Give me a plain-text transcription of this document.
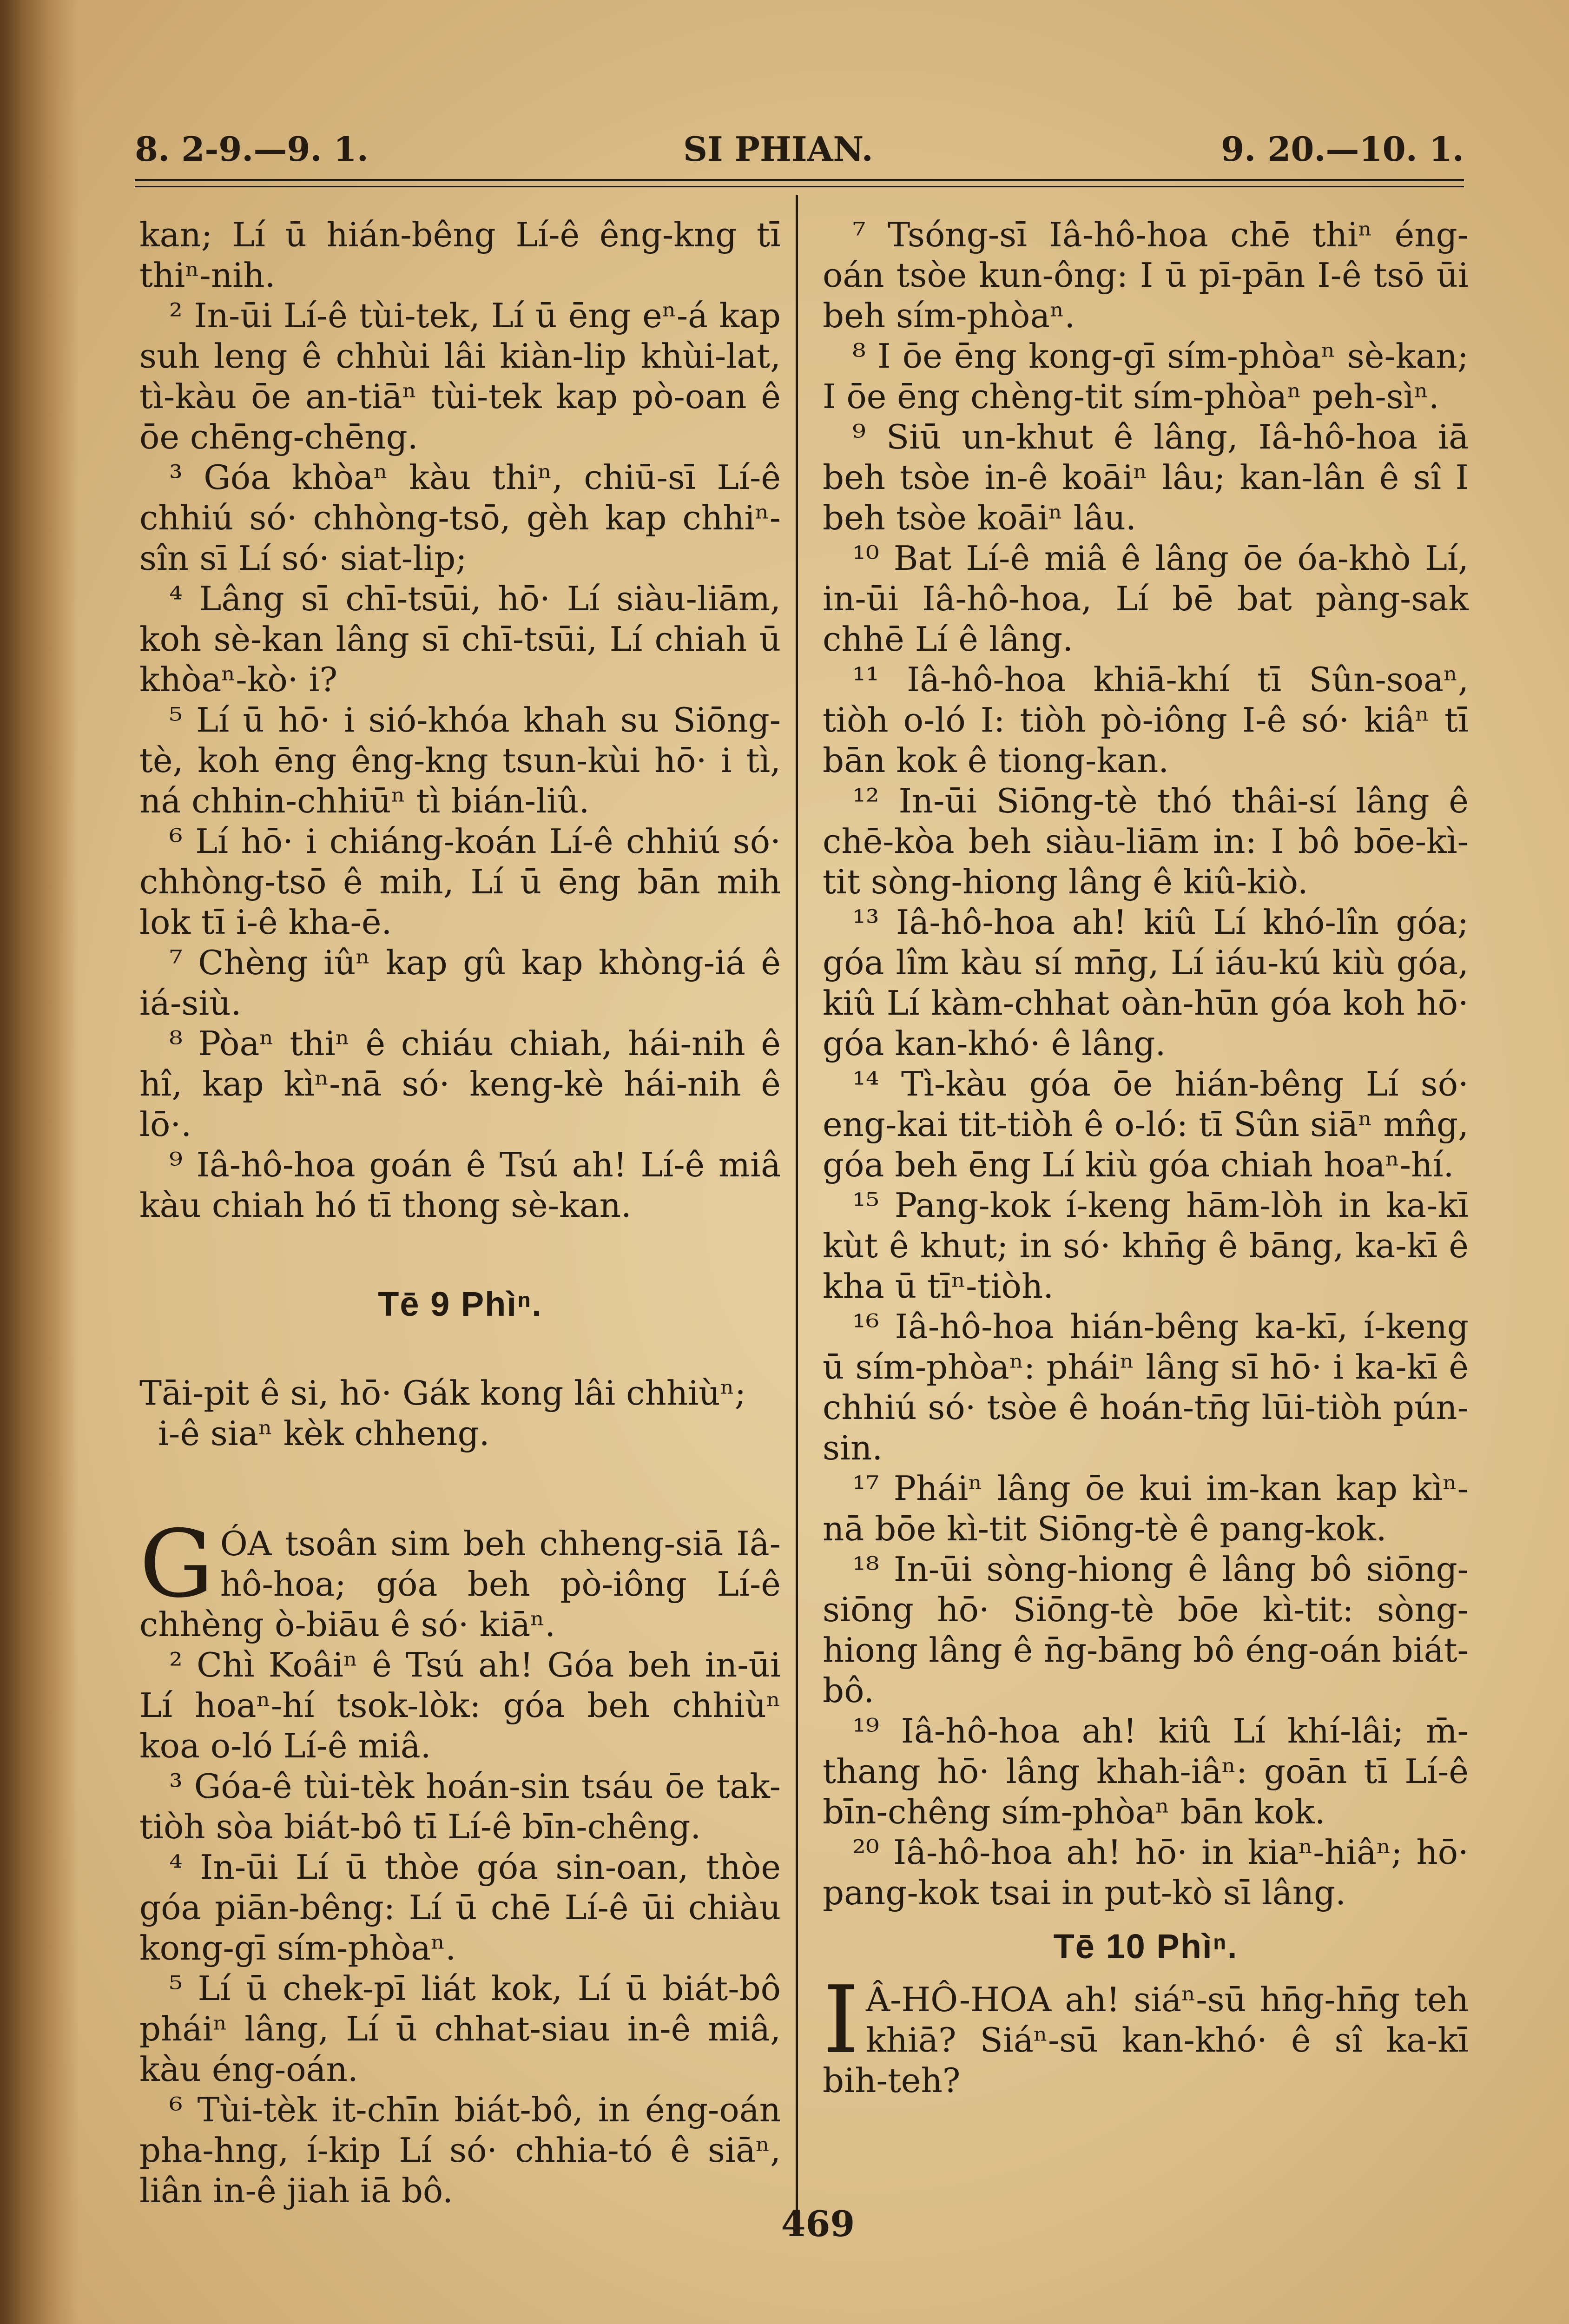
8. 2-9.—9. 1.	SI PHIAN.	9. 20.—10. 1.

kan; Lí ū hián-bêng Lí-ê êng-kng tī thiⁿ-nih.

² In-ūi Lí-ê tùi-tek, Lí ū ēng eⁿ-á kap suh leng ê chhùi lâi kiàn-lip khùi-lat, tì-kàu ōe an-tiāⁿ tùi-tek kap pò-oan ê ōe chēng-chēng.

³ Góa khòaⁿ kàu thiⁿ, chiū-sī Lí-ê chhiú só· chhòng-tsō, gèh kap chhiⁿ-sîn sī Lí só· siat-lip;

⁴ Lâng sī chī-tsūi, hō· Lí siàu-liām, koh sè-kan lâng sī chī-tsūi, Lí chiah ū khòaⁿ-kò· i?

⁵ Lí ū hō· i sió-khóa khah su Siōng-tè, koh ēng êng-kng tsun-kùi hō· i tì, ná chhin-chhiūⁿ tì bián-liû.

⁶ Lí hō· i chiáng-koán Lí-ê chhiú só· chhòng-tsō ê mih, Lí ū ēng bān mih lok tī i-ê kha-ē.

⁷ Chèng iûⁿ kap gû kap khòng-iá ê iá-siù.

⁸ Pòaⁿ thiⁿ ê chiáu chiah, hái-nih ê hî, kap kìⁿ-nā só· keng-kè hái-nih ê lō·.

⁹ Iâ-hô-hoa goán ê Tsú ah! Lí-ê miâ kàu chiah hó tī thong sè-kan.

Tē 9 Phìⁿ.

Tāi-pit ê si, hō· Gák kong lâi chhiùⁿ;

i-ê siaⁿ kèk chheng.

G ÓA tsoân sim beh chheng-siā Iâ-hô-hoa; góa beh pò-iông Lí-ê chhèng ò-biāu ê só· kiāⁿ.

² Chì Koâiⁿ ê Tsú ah! Góa beh in-ūi Lí hoaⁿ-hí tsok-lòk: góa beh chhiùⁿ koa o-ló Lí-ê miâ.

³ Góa-ê tùi-tèk hoán-sin tsáu ōe tak-tiòh sòa biát-bô tī Lí-ê bīn-chêng.

⁴ In-ūi Lí ū thòe góa sin-oan, thòe góa piān-bêng: Lí ū chē Lí-ê ūi chiàu kong-gī sím-phòaⁿ.

⁵ Lí ū chek-pī liát kok, Lí ū biát-bô pháiⁿ lâng, Lí ū chhat-siau in-ê miâ, kàu éng-oán.

⁶ Tùi-tèk it-chīn biát-bô, in éng-oán pha-hng, í-kip Lí só· chhia-tó ê siāⁿ, liân in-ê jiah iā bô.

⁷ Tsóng-sī Iâ-hô-hoa chē thiⁿ éng-oán tsòe kun-ông: I ū pī-pān I-ê tsō ūi beh sím-phòaⁿ.

⁸ I ōe ēng kong-gī sím-phòaⁿ sè-kan; I ōe ēng chèng-tit sím-phòaⁿ peh-sìⁿ.

⁹ Siū un-khut ê lâng, Iâ-hô-hoa iā beh tsòe in-ê koāiⁿ lâu; kan-lân ê sî I beh tsòe koāiⁿ lâu.

¹⁰ Bat Lí-ê miâ ê lâng ōe óa-khò Lí, in-ūi Iâ-hô-hoa, Lí bē bat pàng-sak chhē Lí ê lâng.

¹¹ Iâ-hô-hoa khiā-khí tī Sûn-soaⁿ, tiòh o-ló I: tiòh pò-iông I-ê só· kiâⁿ tī bān kok ê tiong-kan.

¹² In-ūi Siōng-tè thó thâi-sí lâng ê chē-kòa beh siàu-liām in: I bô bōe-kì-tit sòng-hiong lâng ê kiû-kiò.

¹³ Iâ-hô-hoa ah! kiû Lí khó-lîn góa; góa lîm kàu sí mn̄g, Lí iáu-kú kiù góa, kiû Lí kàm-chhat oàn-hūn góa koh hō· góa kan-khó· ê lâng.

¹⁴ Tì-kàu góa ōe hián-bêng Lí só· eng-kai tit-tiòh ê o-ló: tī Sûn siāⁿ mn̂g, góa beh ēng Lí kiù góa chiah hoaⁿ-hí.

¹⁵ Pang-kok í-keng hām-lòh in ka-kī kùt ê khut; in só· khn̄g ê bāng, ka-kī ê kha ū tīⁿ-tiòh.

¹⁶ Iâ-hô-hoa hián-bêng ka-kī, í-keng ū sím-phòaⁿ: pháiⁿ lâng sī hō· i ka-kī ê chhiú só· tsòe ê hoán-tn̄g lūi-tiòh pún-sin.

¹⁷ Pháiⁿ lâng ōe kui im-kan kap kìⁿ-nā bōe kì-tit Siōng-tè ê pang-kok.

¹⁸ In-ūi sòng-hiong ê lâng bô siōng-siōng hō· Siōng-tè bōe kì-tit: sòng-hiong lâng ê n̄g-bāng bô éng-oán biát-bô.

¹⁹ Iâ-hô-hoa ah! kiû Lí khí-lâi; m̄-thang hō· lâng khah-iâⁿ: goān tī Lí-ê bīn-chêng sím-phòaⁿ bān kok.

²⁰ Iâ-hô-hoa ah! hō· in kiaⁿ-hiâⁿ; hō· pang-kok tsai in put-kò sī lâng.

Tē 10 Phìⁿ.

I Â-HÔ-HOA ah! siáⁿ-sū hn̄g-hn̄g teh khiā? Siáⁿ-sū kan-khó· ê sî ka-kī bih-teh?

469
